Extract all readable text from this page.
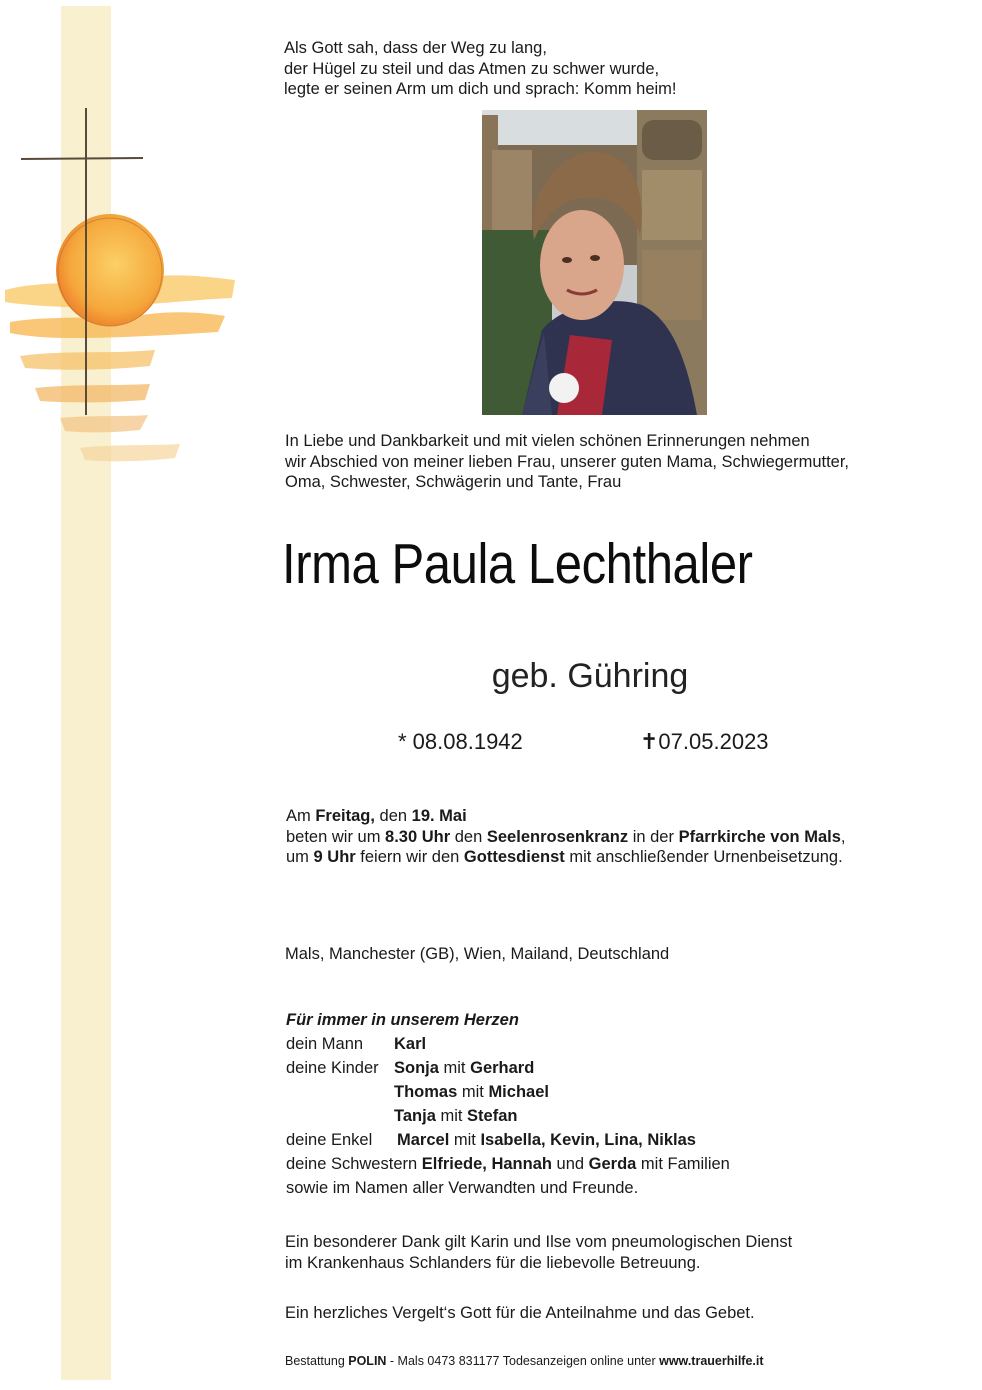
Als Gott sah, dass der Weg zu lang,

der Hügel zu steil und das Atmen zu schwer wurde,

legte er seinen Arm um dich und sprach: Komm heim!

In Liebe und Dankbarkeit und mit vielen schönen Erinnerungen nehmen

wir Abschied von meiner lieben Frau, unserer guten Mama, Schwiegermutter,

Oma, Schwester, Schwägerin und Tante, Frau

Irma Paula Lechthaler
geb. Gühring
* 08.08.1942	✝07.05.2023

Am Freitag, den 19. Mai

beten wir um 8.30 Uhr den Seelenrosenkranz in der Pfarrkirche von Mals,

um 9 Uhr feiern wir den Gottesdienst mit anschließender Urnenbeisetzung.

Mals, Manchester (GB), Wien, Mailand, Deutschland

Für immer in unserem Herzen

dein Mann Karl

deine Kinder Sonja mit Gerhard

Thomas mit Michael

Tanja mit Stefan

deine Enkel Marcel mit Isabella, Kevin, Lina, Niklas

deine Schwestern Elfriede, Hannah und Gerda mit Familien

sowie im Namen aller Verwandten und Freunde.

Ein besonderer Dank gilt Karin und Ilse vom pneumologischen Dienst

im Krankenhaus Schlanders für die liebevolle Betreuung.

Ein herzliches Vergelt‘s Gott für die Anteilnahme und das Gebet.
Bestattung POLIN - Mals 0473 831177 Todesanzeigen online unter www.trauerhilfe.it
